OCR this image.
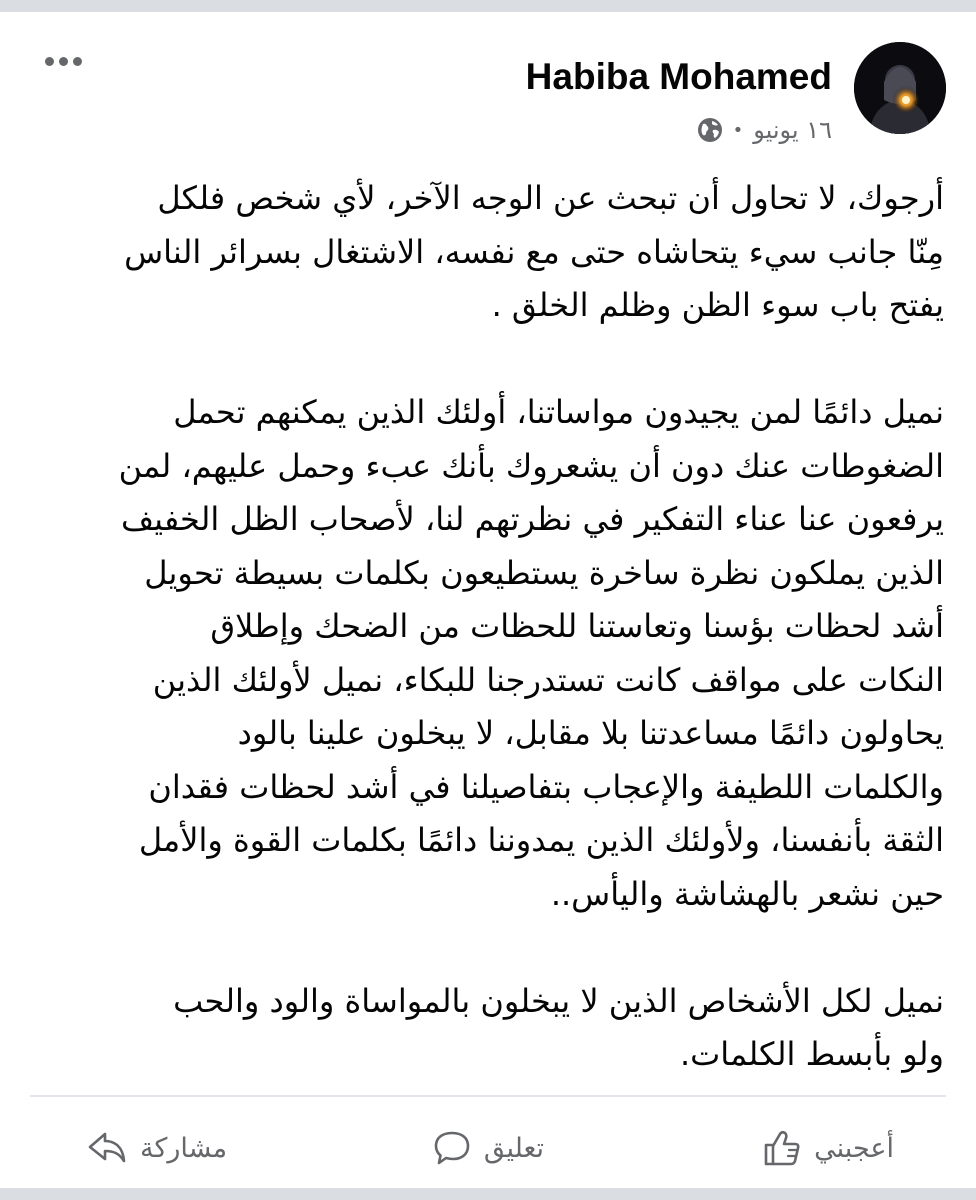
Habiba Mohamed
١٦ يونيو
•

أرجوك، لا تحاول أن تبحث عن الوجه الآخر، لأي شخص فلكل
مِنّا جانب سيء يتحاشاه حتى مع نفسه، الاشتغال بسرائر الناس
يفتح باب سوء الظن وظلم الخلق .

نميل دائمًا لمن يجيدون مواساتنا، أولئك الذين يمكنهم تحمل
الضغوطات عنك دون أن يشعروك بأنك عبء وحمل عليهم، لمن
يرفعون عنا عناء التفكير في نظرتهم لنا، لأصحاب الظل الخفيف
الذين يملكون نظرة ساخرة يستطيعون بكلمات بسيطة تحويل
أشد لحظات بؤسنا وتعاستنا للحظات من الضحك وإطلاق
النكات على مواقف كانت تستدرجنا للبكاء، نميل لأولئك الذين
يحاولون دائمًا مساعدتنا بلا مقابل، لا يبخلون علينا بالود
والكلمات اللطيفة والإعجاب بتفاصيلنا في أشد لحظات فقدان
الثقة بأنفسنا، ولأولئك الذين يمدوننا دائمًا بكلمات القوة والأمل
حين نشعر بالهشاشة واليأس..

نميل لكل الأشخاص الذين لا يبخلون بالمواساة والود والحب
ولو بأبسط الكلمات.

أعجبني
تعليق
مشاركة
